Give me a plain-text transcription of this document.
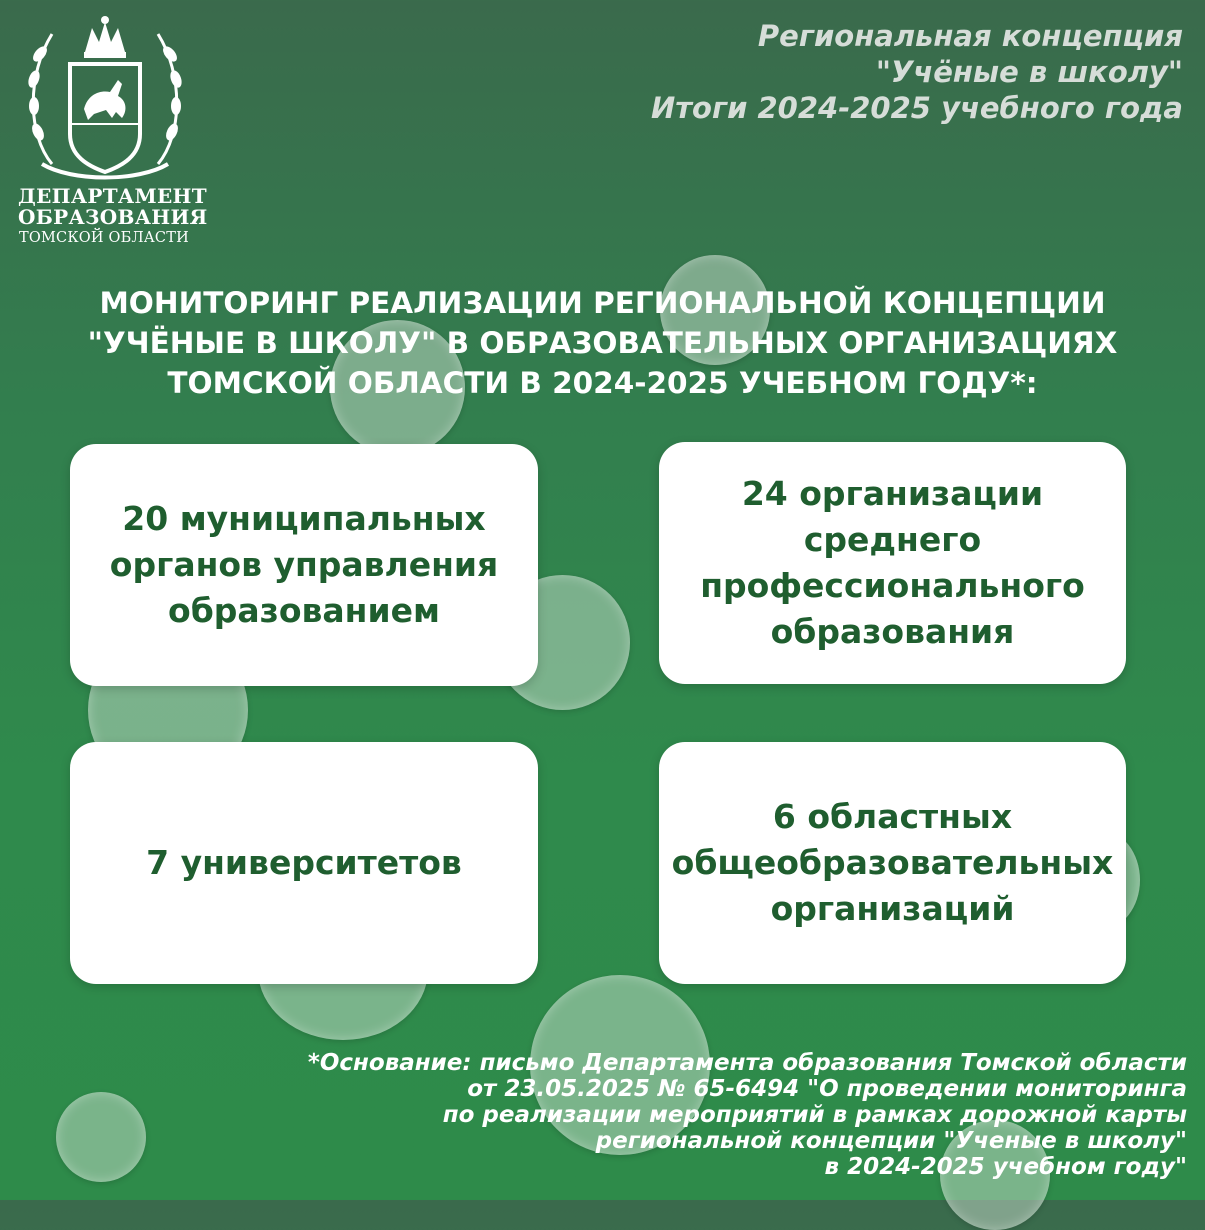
ДЕПАРТАМЕНТ
ОБРАЗОВАНИЯ
ТОМСКОЙ ОБЛАСТИ
Региональная концепция
"Учёные в школу"
Итоги 2024-2025 учебного года
МОНИТОРИНГ РЕАЛИЗАЦИИ РЕГИОНАЛЬНОЙ КОНЦЕПЦИИ
"УЧЁНЫЕ В ШКОЛУ" В ОБРАЗОВАТЕЛЬНЫХ ОРГАНИЗАЦИЯХ
ТОМСКОЙ ОБЛАСТИ В 2024-2025 УЧЕБНОМ ГОДУ*:
20 муниципальных
органов управления
образованием
24 организации
среднего
профессионального
образования
7 университетов
6 областных
общеобразовательных
организаций
*Основание: письмо Департамента образования Томской области
от 23.05.2025 № 65-6494 "О проведении мониторинга
по реализации мероприятий в рамках дорожной карты
региональной концепции "Ученые в школу"
в 2024-2025 учебном году"
